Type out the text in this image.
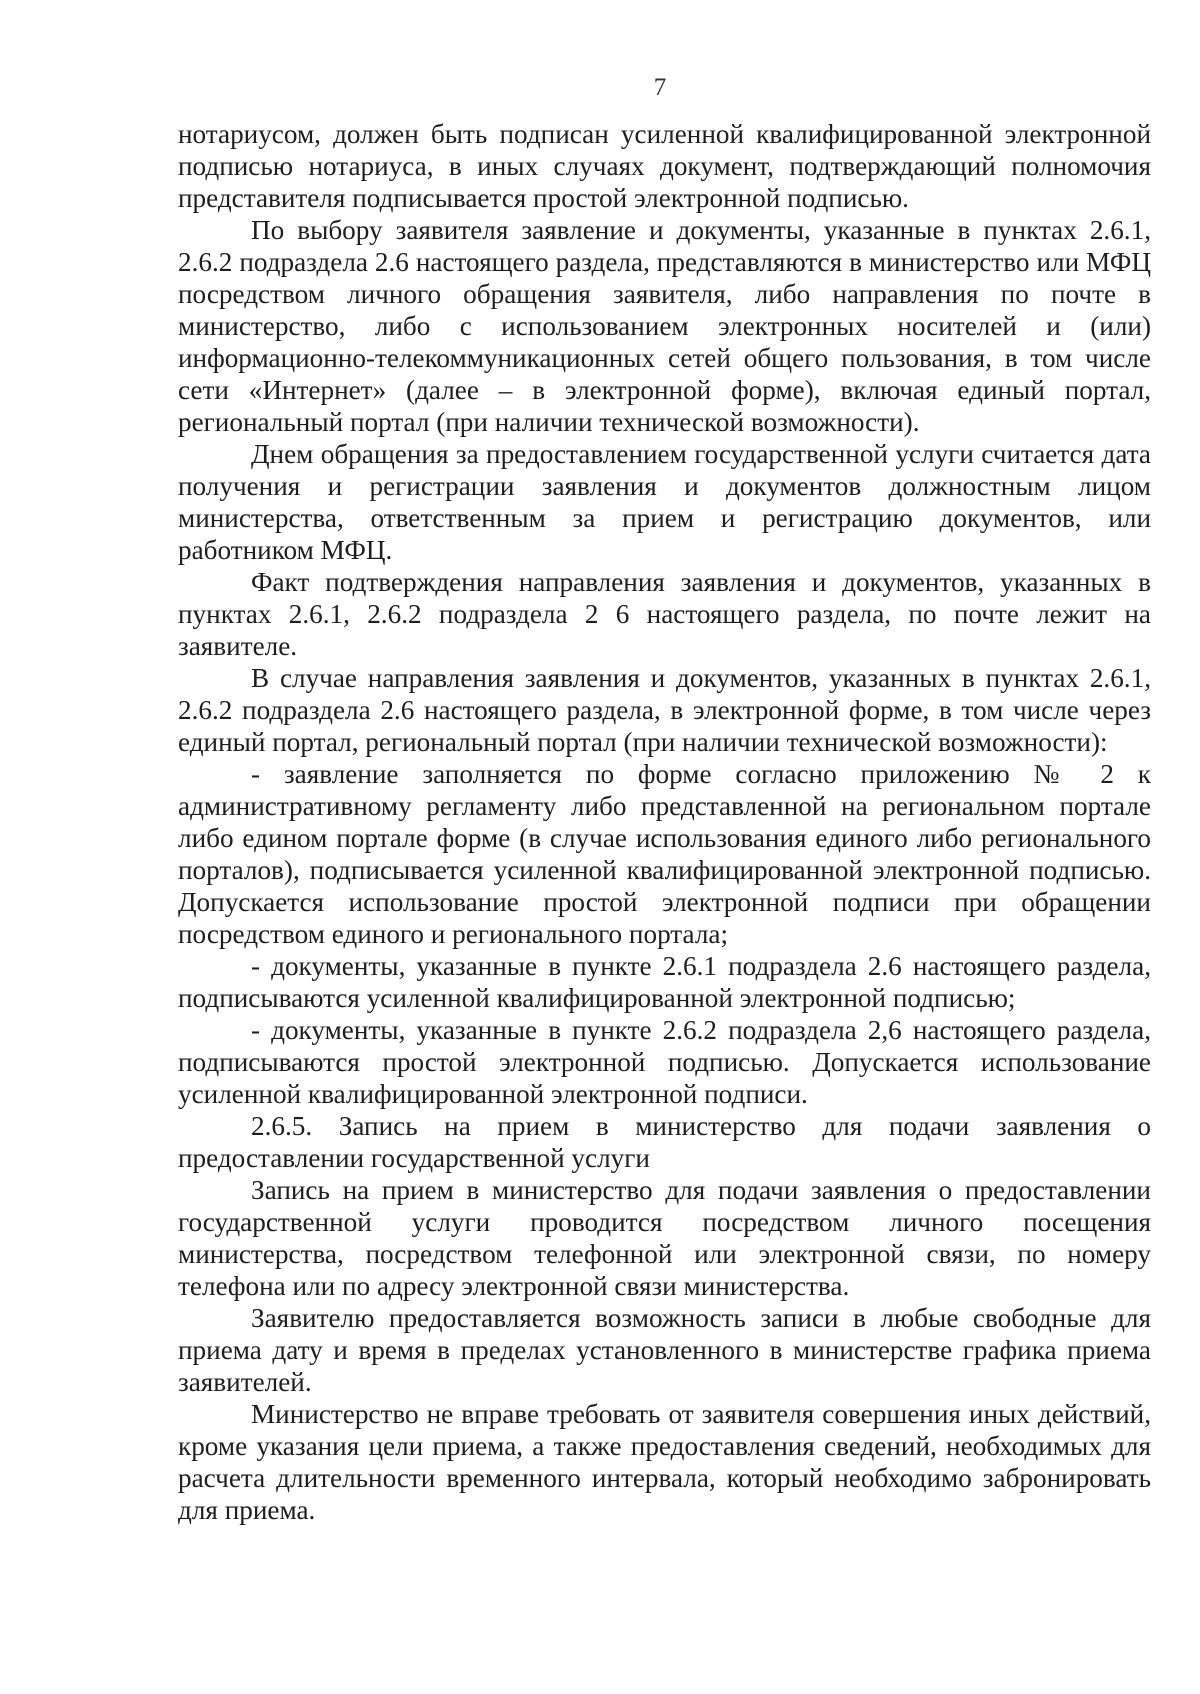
7

нотариусом, должен быть подписан усиленной квалифицированной электронной подписью нотариуса, в иных случаях документ, подтверждающий полномочия представителя подписывается простой электронной подписью.

По выбору заявителя заявление и документы, указанные в пунктах 2.6.1, 2.6.2 подраздела 2.6 настоящего раздела, представляются в министерство или МФЦ посредством личного обращения заявителя, либо направления по почте в министерство, либо с использованием электронных носителей и (или) информационно-телекоммуникационных сетей общего пользования, в том числе сети «Интернет» (далее – в электронной форме), включая единый портал, региональный портал (при наличии технической возможности).

Днем обращения за предоставлением государственной услуги считается дата получения и регистрации заявления и документов должностным лицом министерства, ответственным за прием и регистрацию документов, или работником МФЦ.

Факт подтверждения направления заявления и документов, указанных в пунктах 2.6.1, 2.6.2 подраздела 2 6 настоящего раздела, по почте лежит на заявителе.

В случае направления заявления и документов, указанных в пунктах 2.6.1, 2.6.2 подраздела 2.6 настоящего раздела, в электронной форме, в том числе через единый портал, региональный портал (при наличии технической возможности):

- заявление заполняется по форме согласно приложению № 2 к административному регламенту либо представленной на региональном портале либо едином портале форме (в случае использования единого либо регионального порталов), подписывается усиленной квалифицированной электронной подписью. Допускается использование простой электронной подписи при обращении посредством единого и регионального портала;

- документы, указанные в пункте 2.6.1 подраздела 2.6 настоящего раздела, подписываются усиленной квалифицированной электронной подписью;

- документы, указанные в пункте 2.6.2 подраздела 2,6 настоящего раздела, подписываются простой электронной подписью. Допускается использование усиленной квалифицированной электронной подписи.

2.6.5. Запись на прием в министерство для подачи заявления о предоставлении государственной услуги

Запись на прием в министерство для подачи заявления о предоставлении государственной услуги проводится посредством личного посещения министерства, посредством телефонной или электронной связи, по номеру телефона или по адресу электронной связи министерства.

Заявителю предоставляется возможность записи в любые свободные для приема дату и время в пределах установленного в министерстве графика приема заявителей.

Министерство не вправе требовать от заявителя совершения иных действий, кроме указания цели приема, а также предоставления сведений, необходимых для расчета длительности временного интервала, который необходимо забронировать для приема.
